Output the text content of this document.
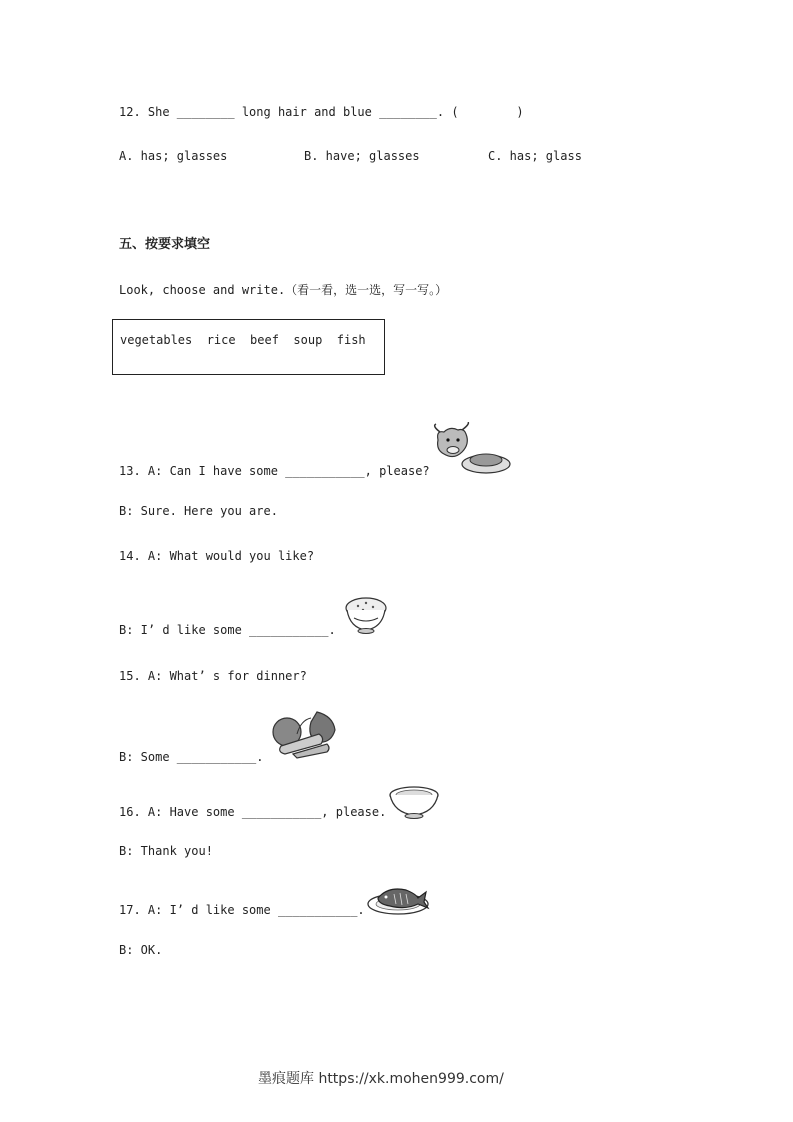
12. She ________ long hair and blue ________. (        )
A. has; glasses	B. have; glasses	C. has; glass
五、按要求填空
Look, choose and write.（看一看，选一选，写一写。）
vegetables  rice  beef  soup  fish
13. A: Can I have some ___________, please?
B: Sure. Here you are.
14. A: What would you like?
B: I’ d like some ___________.
15. A: What’ s for dinner?
B: Some ___________.
16. A: Have some ___________, please.
B: Thank you!
17. A: I’ d like some ___________.
B: OK.
墨痕题库 https://xk.mohen999.com/
